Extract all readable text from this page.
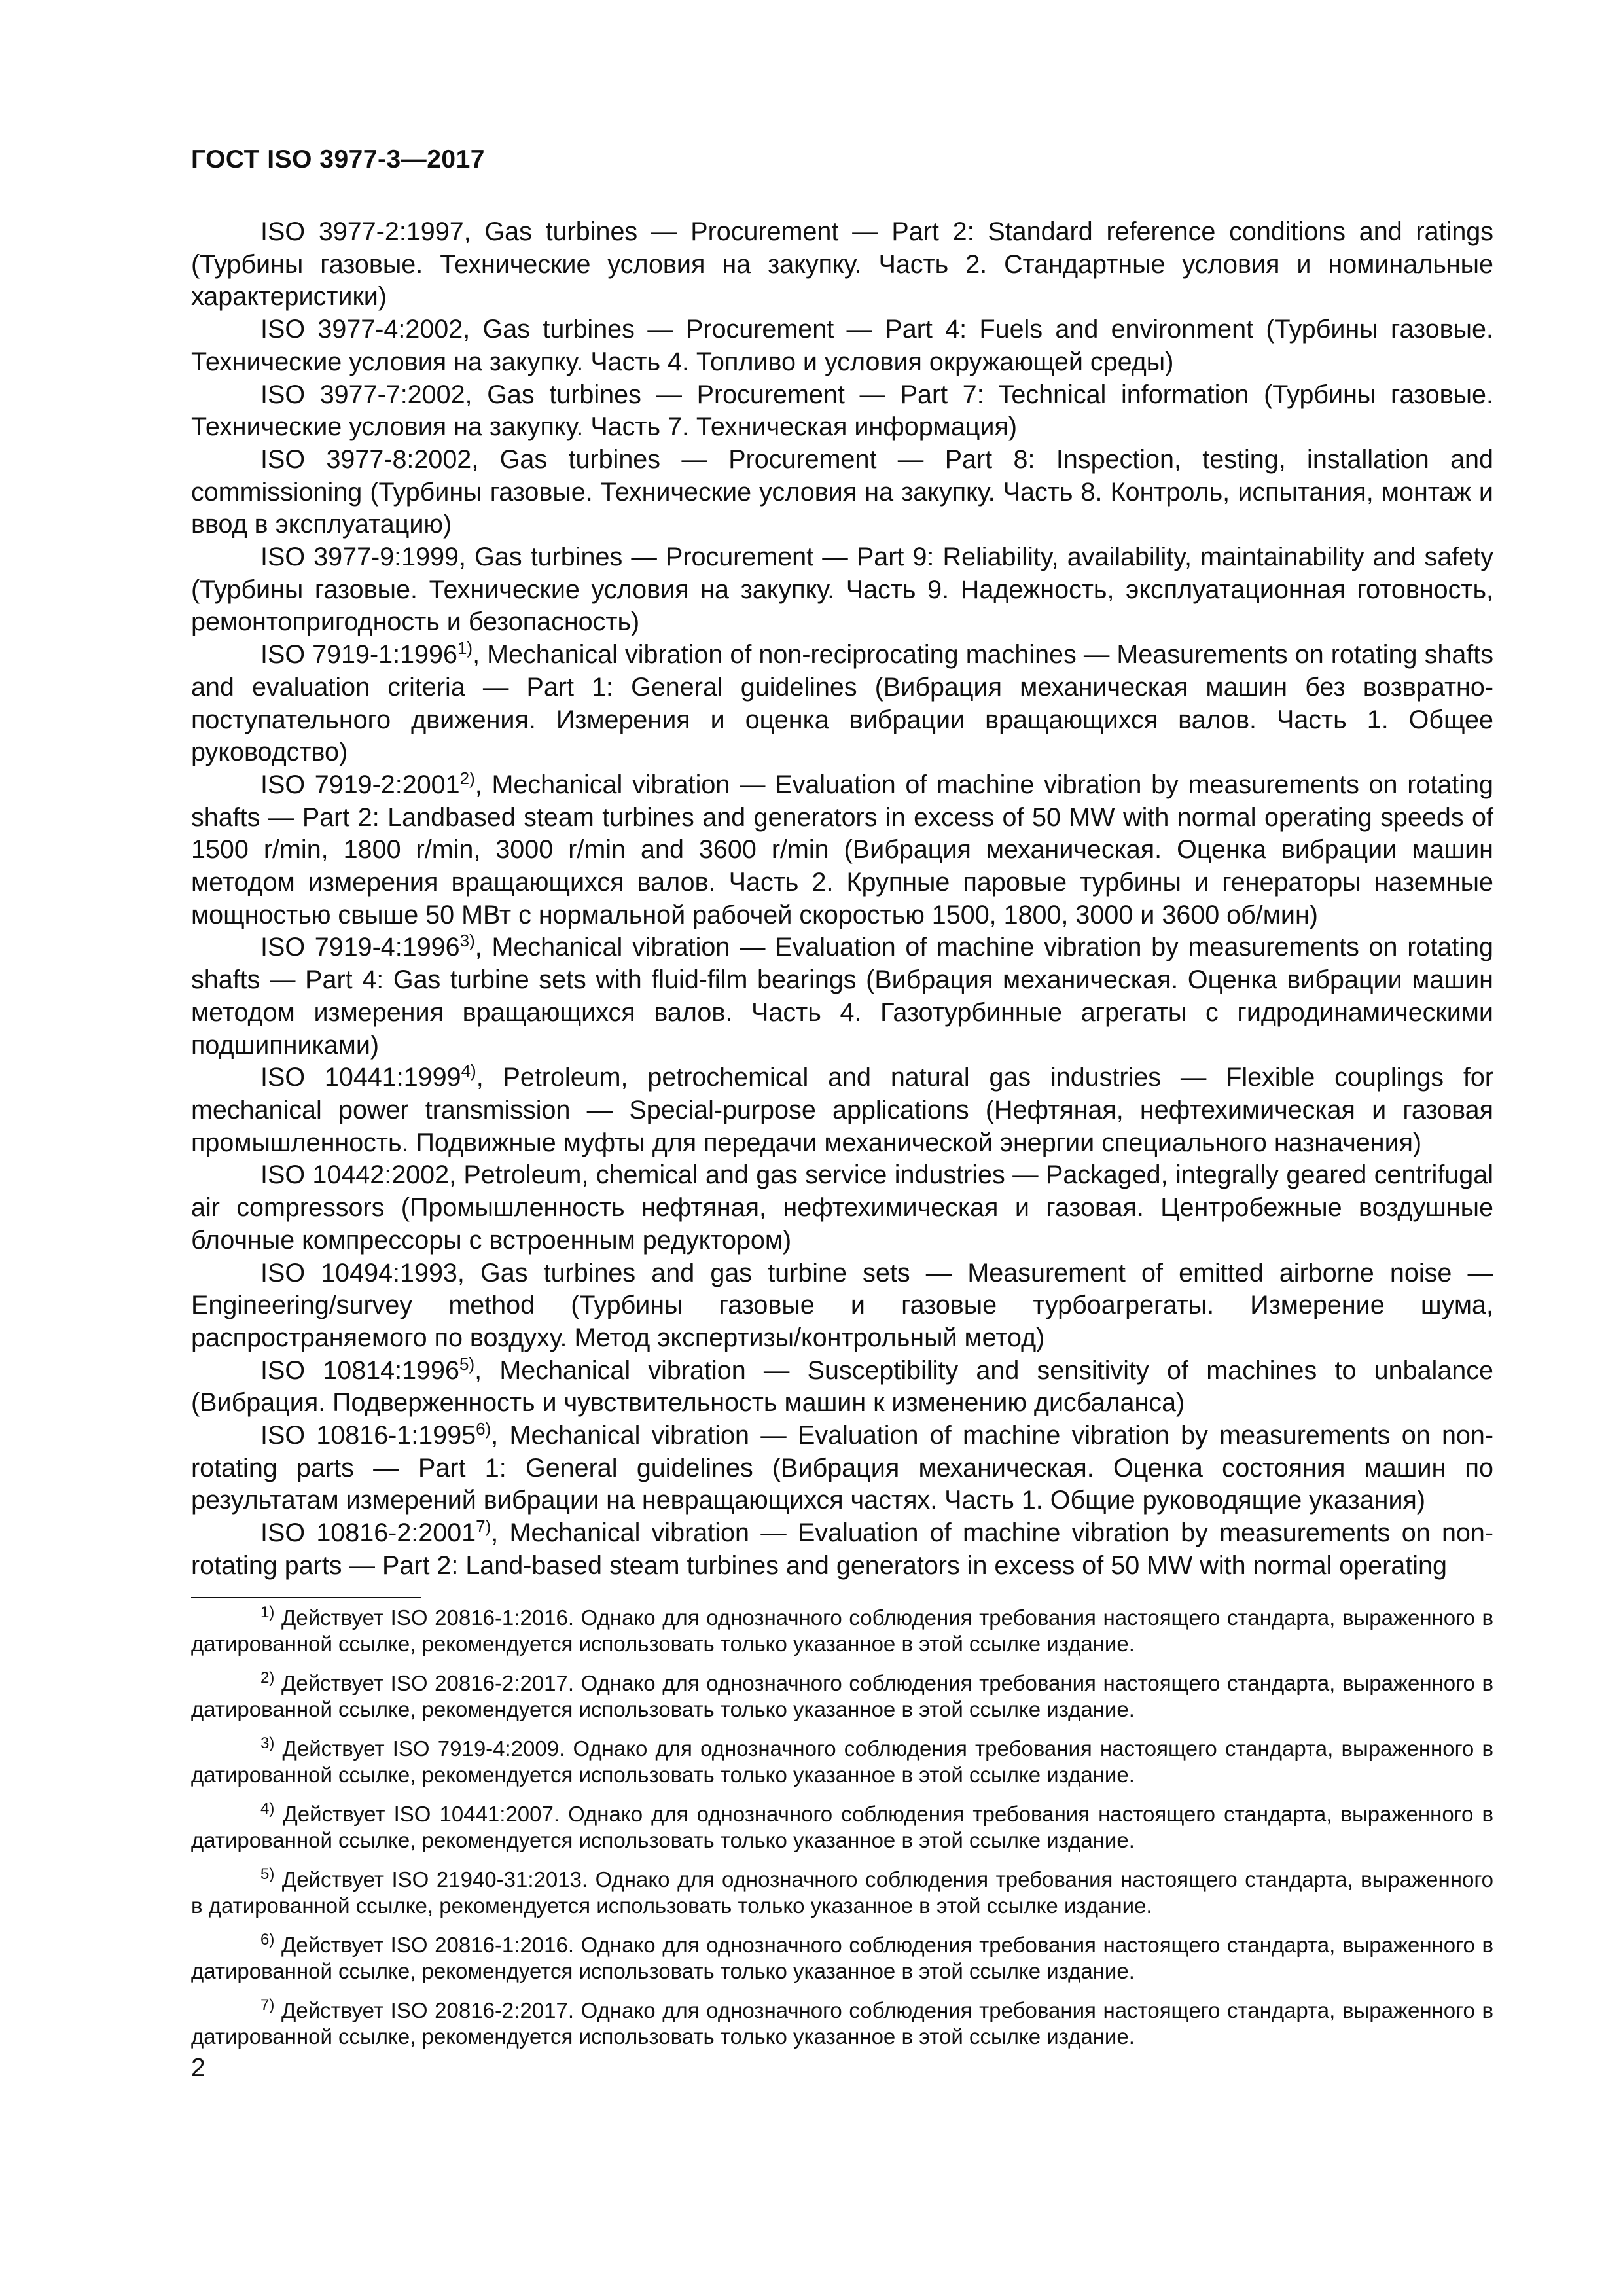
ГОСТ ISO 3977-3—2017

ISO 3977-2:1997, Gas turbines — Procurement — Part 2: Standard reference conditions and ratings (Турбины газовые. Технические условия на закупку. Часть 2. Стандартные условия и номинальные характеристики)

ISO 3977-4:2002, Gas turbines — Procurement — Part 4: Fuels and environment (Турбины газовые. Технические условия на закупку. Часть 4. Топливо и условия окружающей среды)

ISO 3977-7:2002, Gas turbines — Procurement — Part 7: Technical information (Турбины газовые. Технические условия на закупку. Часть 7. Техническая информация)

ISO 3977-8:2002, Gas turbines — Procurement — Part 8: Inspection, testing, installation and commissioning (Турбины газовые. Технические условия на закупку. Часть 8. Контроль, испытания, монтаж и ввод в эксплуатацию)

ISO 3977-9:1999, Gas turbines — Procurement — Part 9: Reliability, availability, maintainability and safety (Турбины газовые. Технические условия на закупку. Часть 9. Надежность, эксплуатационная готовность, ремонтопригодность и безопасность)

ISO 7919-1:1996$^{1)}$, Mechanical vibration of non-reciprocating machines — Measurements on rotating shafts and evaluation criteria — Part 1: General guidelines (Вибрация механическая машин без возвратно-поступательного движения. Измерения и оценка вибрации вращающихся валов. Часть 1. Общее руководство)

ISO 7919-2:2001$^{2)}$, Mechanical vibration — Evaluation of machine vibration by measurements on rotating shafts — Part 2: Landbased steam turbines and generators in excess of 50 MW with normal operating speeds of 1500 r/min, 1800 r/min, 3000 r/min and 3600 r/min (Вибрация механическая. Оценка вибрации машин методом измерения вращающихся валов. Часть 2. Крупные паровые турбины и генераторы наземные мощностью свыше 50 МВт с нормальной рабочей скоростью 1500, 1800, 3000 и 3600 об/мин)

ISO 7919-4:1996$^{3)}$, Mechanical vibration — Evaluation of machine vibration by measurements on rotating shafts — Part 4: Gas turbine sets with fluid-film bearings (Вибрация механическая. Оценка вибрации машин методом измерения вращающихся валов. Часть 4. Газотурбинные агрегаты с гидродинамическими подшипниками)

ISO 10441:1999$^{4)}$, Petroleum, petrochemical and natural gas industries — Flexible couplings for mechanical power transmission — Special-purpose applications (Нефтяная, нефтехимическая и газовая промышленность. Подвижные муфты для передачи механической энергии специального назначения)

ISO 10442:2002, Petroleum, chemical and gas service industries — Packaged, integrally geared centrifugal air compressors (Промышленность нефтяная, нефтехимическая и газовая. Центробежные воздушные блочные компрессоры с встроенным редуктором)

ISO 10494:1993, Gas turbines and gas turbine sets — Measurement of emitted airborne noise — Engineering/survey method (Турбины газовые и газовые турбоагрегаты. Измерение шума, распространяемого по воздуху. Метод экспертизы/контрольный метод)

ISO 10814:1996$^{5)}$, Mechanical vibration — Susceptibility and sensitivity of machines to unbalance (Вибрация. Подверженность и чувствительность машин к изменению дисбаланса)

ISO 10816-1:1995$^{6)}$, Mechanical vibration — Evaluation of machine vibration by measurements on non-rotating parts — Part 1: General guidelines (Вибрация механическая. Оценка состояния машин по результатам измерений вибрации на невращающихся частях. Часть 1. Общие руководящие указания)

ISO 10816-2:2001$^{7)}$, Mechanical vibration — Evaluation of machine vibration by measurements on non-rotating parts — Part 2: Land-based steam turbines and generators in excess of 50 MW with normal operating

$^{1)}$ Действует ISO 20816-1:2016. Однако для однозначного соблюдения требования настоящего стандарта, выраженного в датированной ссылке, рекомендуется использовать только указанное в этой ссылке издание.

$^{2)}$ Действует ISO 20816-2:2017. Однако для однозначного соблюдения требования настоящего стандарта, выраженного в датированной ссылке, рекомендуется использовать только указанное в этой ссылке издание.

$^{3)}$ Действует ISO 7919-4:2009. Однако для однозначного соблюдения требования настоящего стандарта, выраженного в датированной ссылке, рекомендуется использовать только указанное в этой ссылке издание.

$^{4)}$ Действует ISO 10441:2007. Однако для однозначного соблюдения требования настоящего стандарта, выраженного в датированной ссылке, рекомендуется использовать только указанное в этой ссылке издание.

$^{5)}$ Действует ISO 21940-31:2013. Однако для однозначного соблюдения требования настоящего стандарта, выраженного в датированной ссылке, рекомендуется использовать только указанное в этой ссылке издание.

$^{6)}$ Действует ISO 20816-1:2016. Однако для однозначного соблюдения требования настоящего стандарта, выраженного в датированной ссылке, рекомендуется использовать только указанное в этой ссылке издание.

$^{7)}$ Действует ISO 20816-2:2017. Однако для однозначного соблюдения требования настоящего стандарта, выраженного в датированной ссылке, рекомендуется использовать только указанное в этой ссылке издание.

2
